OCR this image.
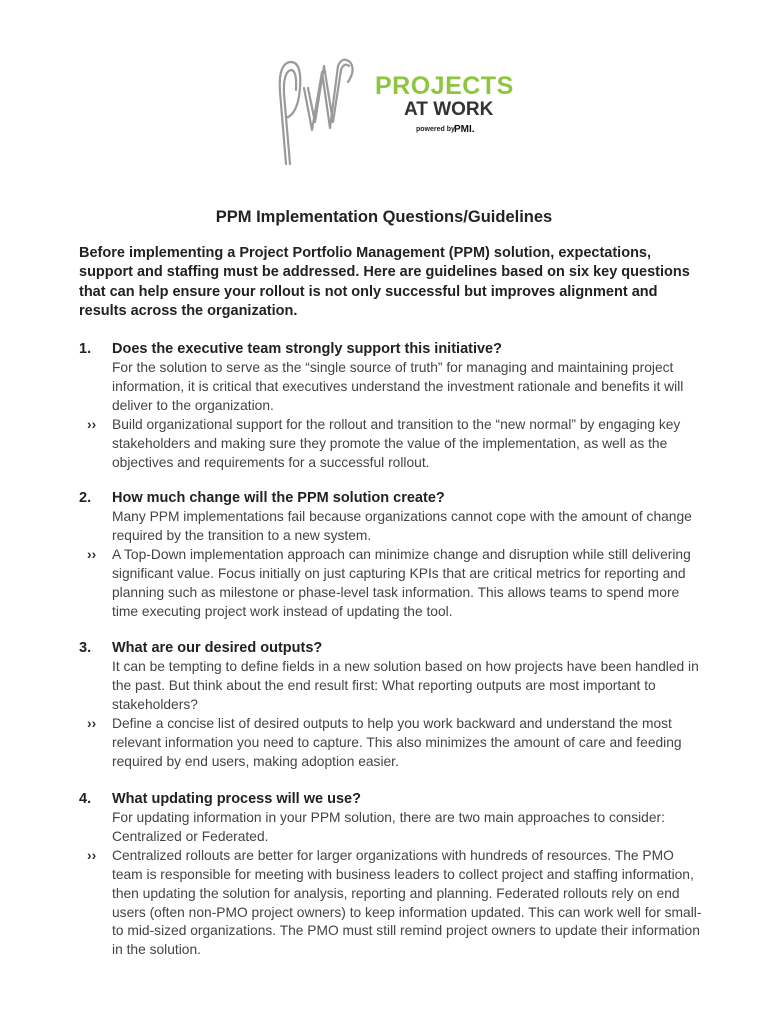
PROJECTS
AT WORK
powered by PMI.
PPM Implementation Questions/Guidelines
Before implementing a Project Portfolio Management (PPM) solution, expectations, support and staffing must be addressed. Here are guidelines based on six key questions that can help ensure your rollout is not only successful but improves alignment and results across the organization.
1. Does the executive team strongly support this initiative?
For the solution to serve as the “single source of truth” for managing and maintaining project information, it is critical that executives understand the investment rationale and benefits it will deliver to the organization.
›› Build organizational support for the rollout and transition to the “new normal” by engaging key stakeholders and making sure they promote the value of the implementation, as well as the objectives and requirements for a successful rollout.
2. How much change will the PPM solution create?
Many PPM implementations fail because organizations cannot cope with the amount of change required by the transition to a new system.
›› A Top-Down implementation approach can minimize change and disruption while still delivering significant value. Focus initially on just capturing KPIs that are critical metrics for reporting and planning such as milestone or phase-level task information. This allows teams to spend more time executing project work instead of updating the tool.
3. What are our desired outputs?
It can be tempting to define fields in a new solution based on how projects have been handled in the past. But think about the end result first: What reporting outputs are most important to stakeholders?
›› Define a concise list of desired outputs to help you work backward and understand the most relevant information you need to capture. This also minimizes the amount of care and feeding required by end users, making adoption easier.
4. What updating process will we use?
For updating information in your PPM solution, there are two main approaches to consider: Centralized or Federated.
›› Centralized rollouts are better for larger organizations with hundreds of resources. The PMO team is responsible for meeting with business leaders to collect project and staffing information, then updating the solution for analysis, reporting and planning. Federated rollouts rely on end users (often non-PMO project owners) to keep information updated. This can work well for small- to mid-sized organizations. The PMO must still remind project owners to update their information in the solution.
